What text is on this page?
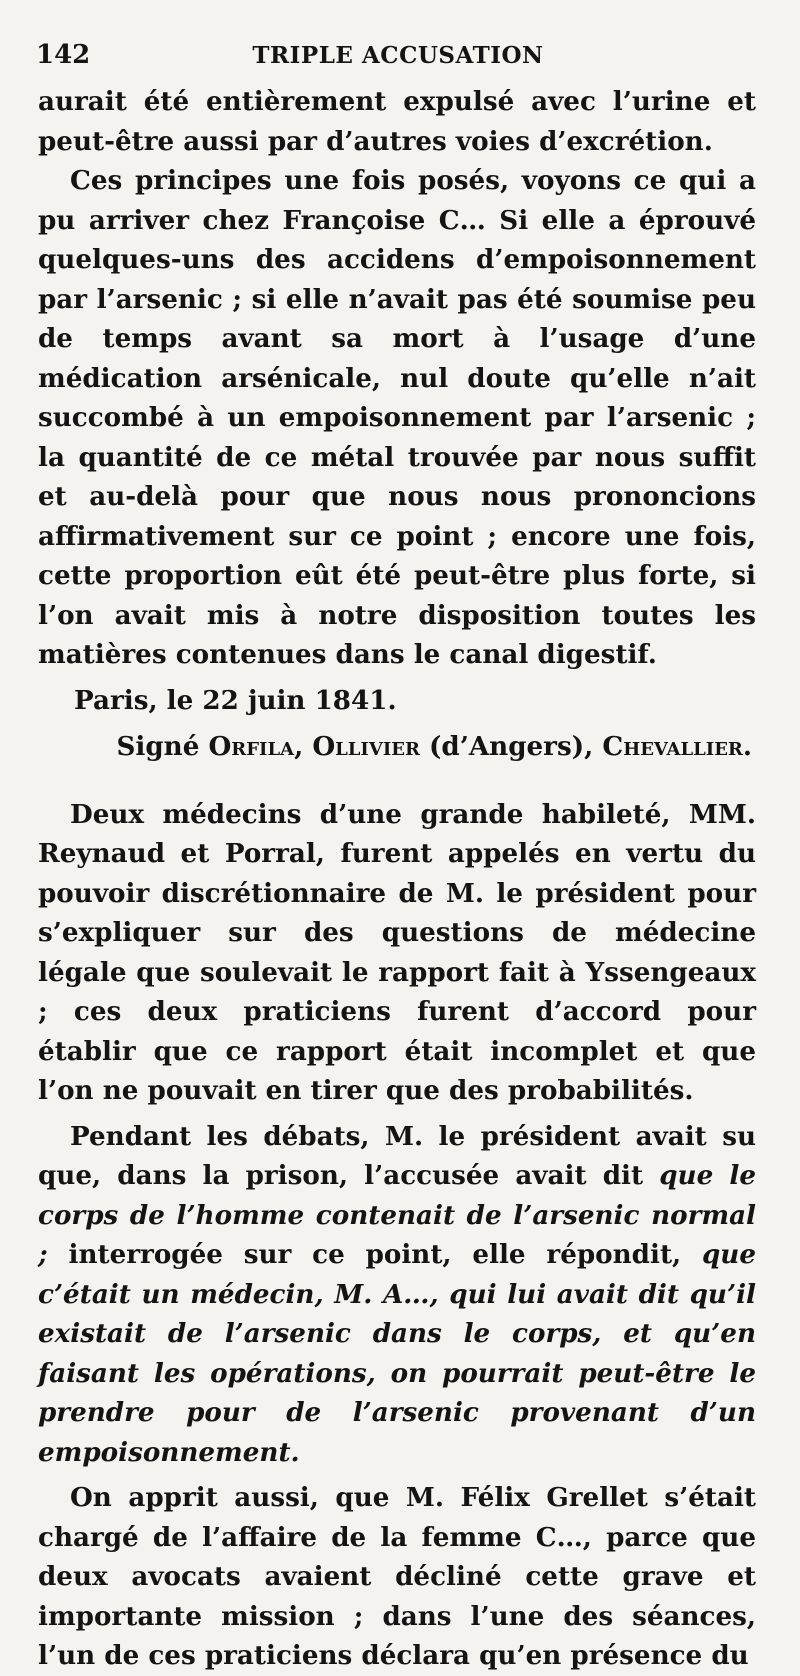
142	TRIPLE ACCUSATION

aurait été entièrement expulsé avec l’urine et peut-être aussi par d’autres voies d’excrétion.

Ces principes une fois posés, voyons ce qui a pu arriver chez Françoise C… Si elle a éprouvé quelques-uns des accidens d’empoisonnement par l’arsenic ; si elle n’avait pas été soumise peu de temps avant sa mort à l’usage d’une médication arsénicale, nul doute qu’elle n’ait succombé à un empoisonnement par l’arsenic ; la quantité de ce métal trouvée par nous suffit et au-delà pour que nous nous prononcions affirmativement sur ce point ; encore une fois, cette proportion eût été peut-être plus forte, si l’on avait mis à notre disposition toutes les matières contenues dans le canal digestif.

Paris, le 22 juin 1841.

Signé Orfila, Ollivier (d’Angers), Chevallier.

Deux médecins d’une grande habileté, MM. Reynaud et Porral, furent appelés en vertu du pouvoir discrétionnaire de M. le président pour s’expliquer sur des questions de médecine légale que soulevait le rapport fait à Yssengeaux ; ces deux praticiens furent d’accord pour établir que ce rapport était incomplet et que l’on ne pouvait en tirer que des probabilités.

Pendant les débats, M. le président avait su que, dans la prison, l’accusée avait dit que le corps de l’homme contenait de l’arsenic normal ; interrogée sur ce point, elle répondit, que c’était un médecin, M. A…, qui lui avait dit qu’il existait de l’arsenic dans le corps, et qu’en faisant les opérations, on pourrait peut-être le prendre pour de l’arsenic provenant d’un empoisonnement.

On apprit aussi, que M. Félix Grellet s’était chargé de l’affaire de la femme C…, parce que deux avocats avaient décliné cette grave et importante mission ; dans l’une des séances, l’un de ces praticiens déclara qu’en présence du
